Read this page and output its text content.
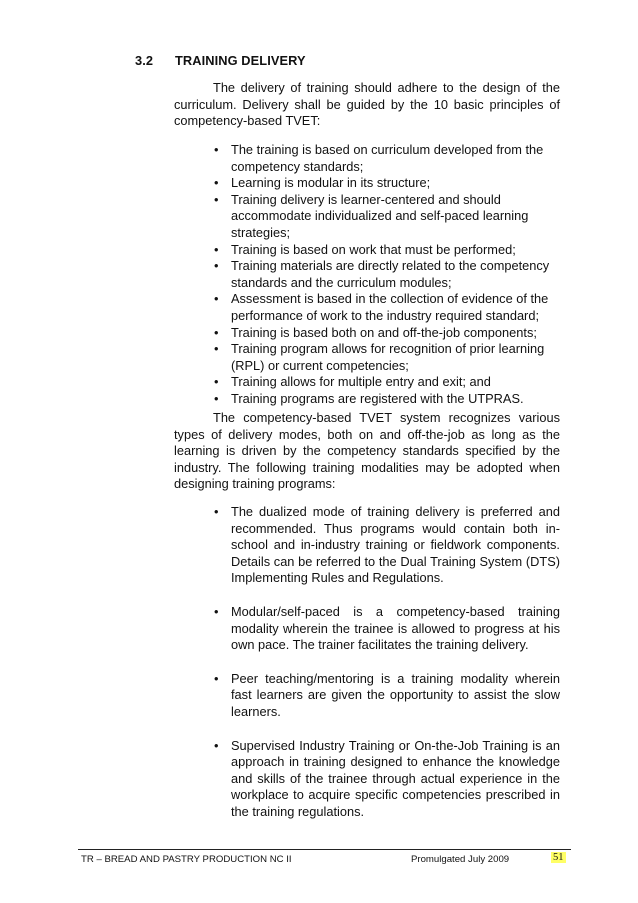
3.2 TRAINING DELIVERY

The delivery of training should adhere to the design of the curriculum. Delivery shall be guided by the 10 basic principles of competency-based TVET:

• The training is based on curriculum developed from the competency standards;
• Learning is modular in its structure;
• Training delivery is learner-centered and should accommodate individualized and self-paced learning strategies;
• Training is based on work that must be performed;
• Training materials are directly related to the competency standards and the curriculum modules;
• Assessment is based in the collection of evidence of the performance of work to the industry required standard;
• Training is based both on and off-the-job components;
• Training program allows for recognition of prior learning (RPL) or current competencies;
• Training allows for multiple entry and exit; and
• Training programs are registered with the UTPRAS.

The competency-based TVET system recognizes various types of delivery modes, both on and off-the-job as long as the learning is driven by the competency standards specified by the industry. The following training modalities may be adopted when designing training programs:

• The dualized mode of training delivery is preferred and recommended. Thus programs would contain both in-school and in-industry training or fieldwork components. Details can be referred to the Dual Training System (DTS) Implementing Rules and Regulations.
• Modular/self-paced is a competency-based training modality wherein the trainee is allowed to progress at his own pace. The trainer facilitates the training delivery.
• Peer teaching/mentoring is a training modality wherein fast learners are given the opportunity to assist the slow learners.
• Supervised Industry Training or On-the-Job Training is an approach in training designed to enhance the knowledge and skills of the trainee through actual experience in the workplace to acquire specific competencies prescribed in the training regulations.
TR – BREAD AND PASTRY PRODUCTION NC II	Promulgated July 2009	51
